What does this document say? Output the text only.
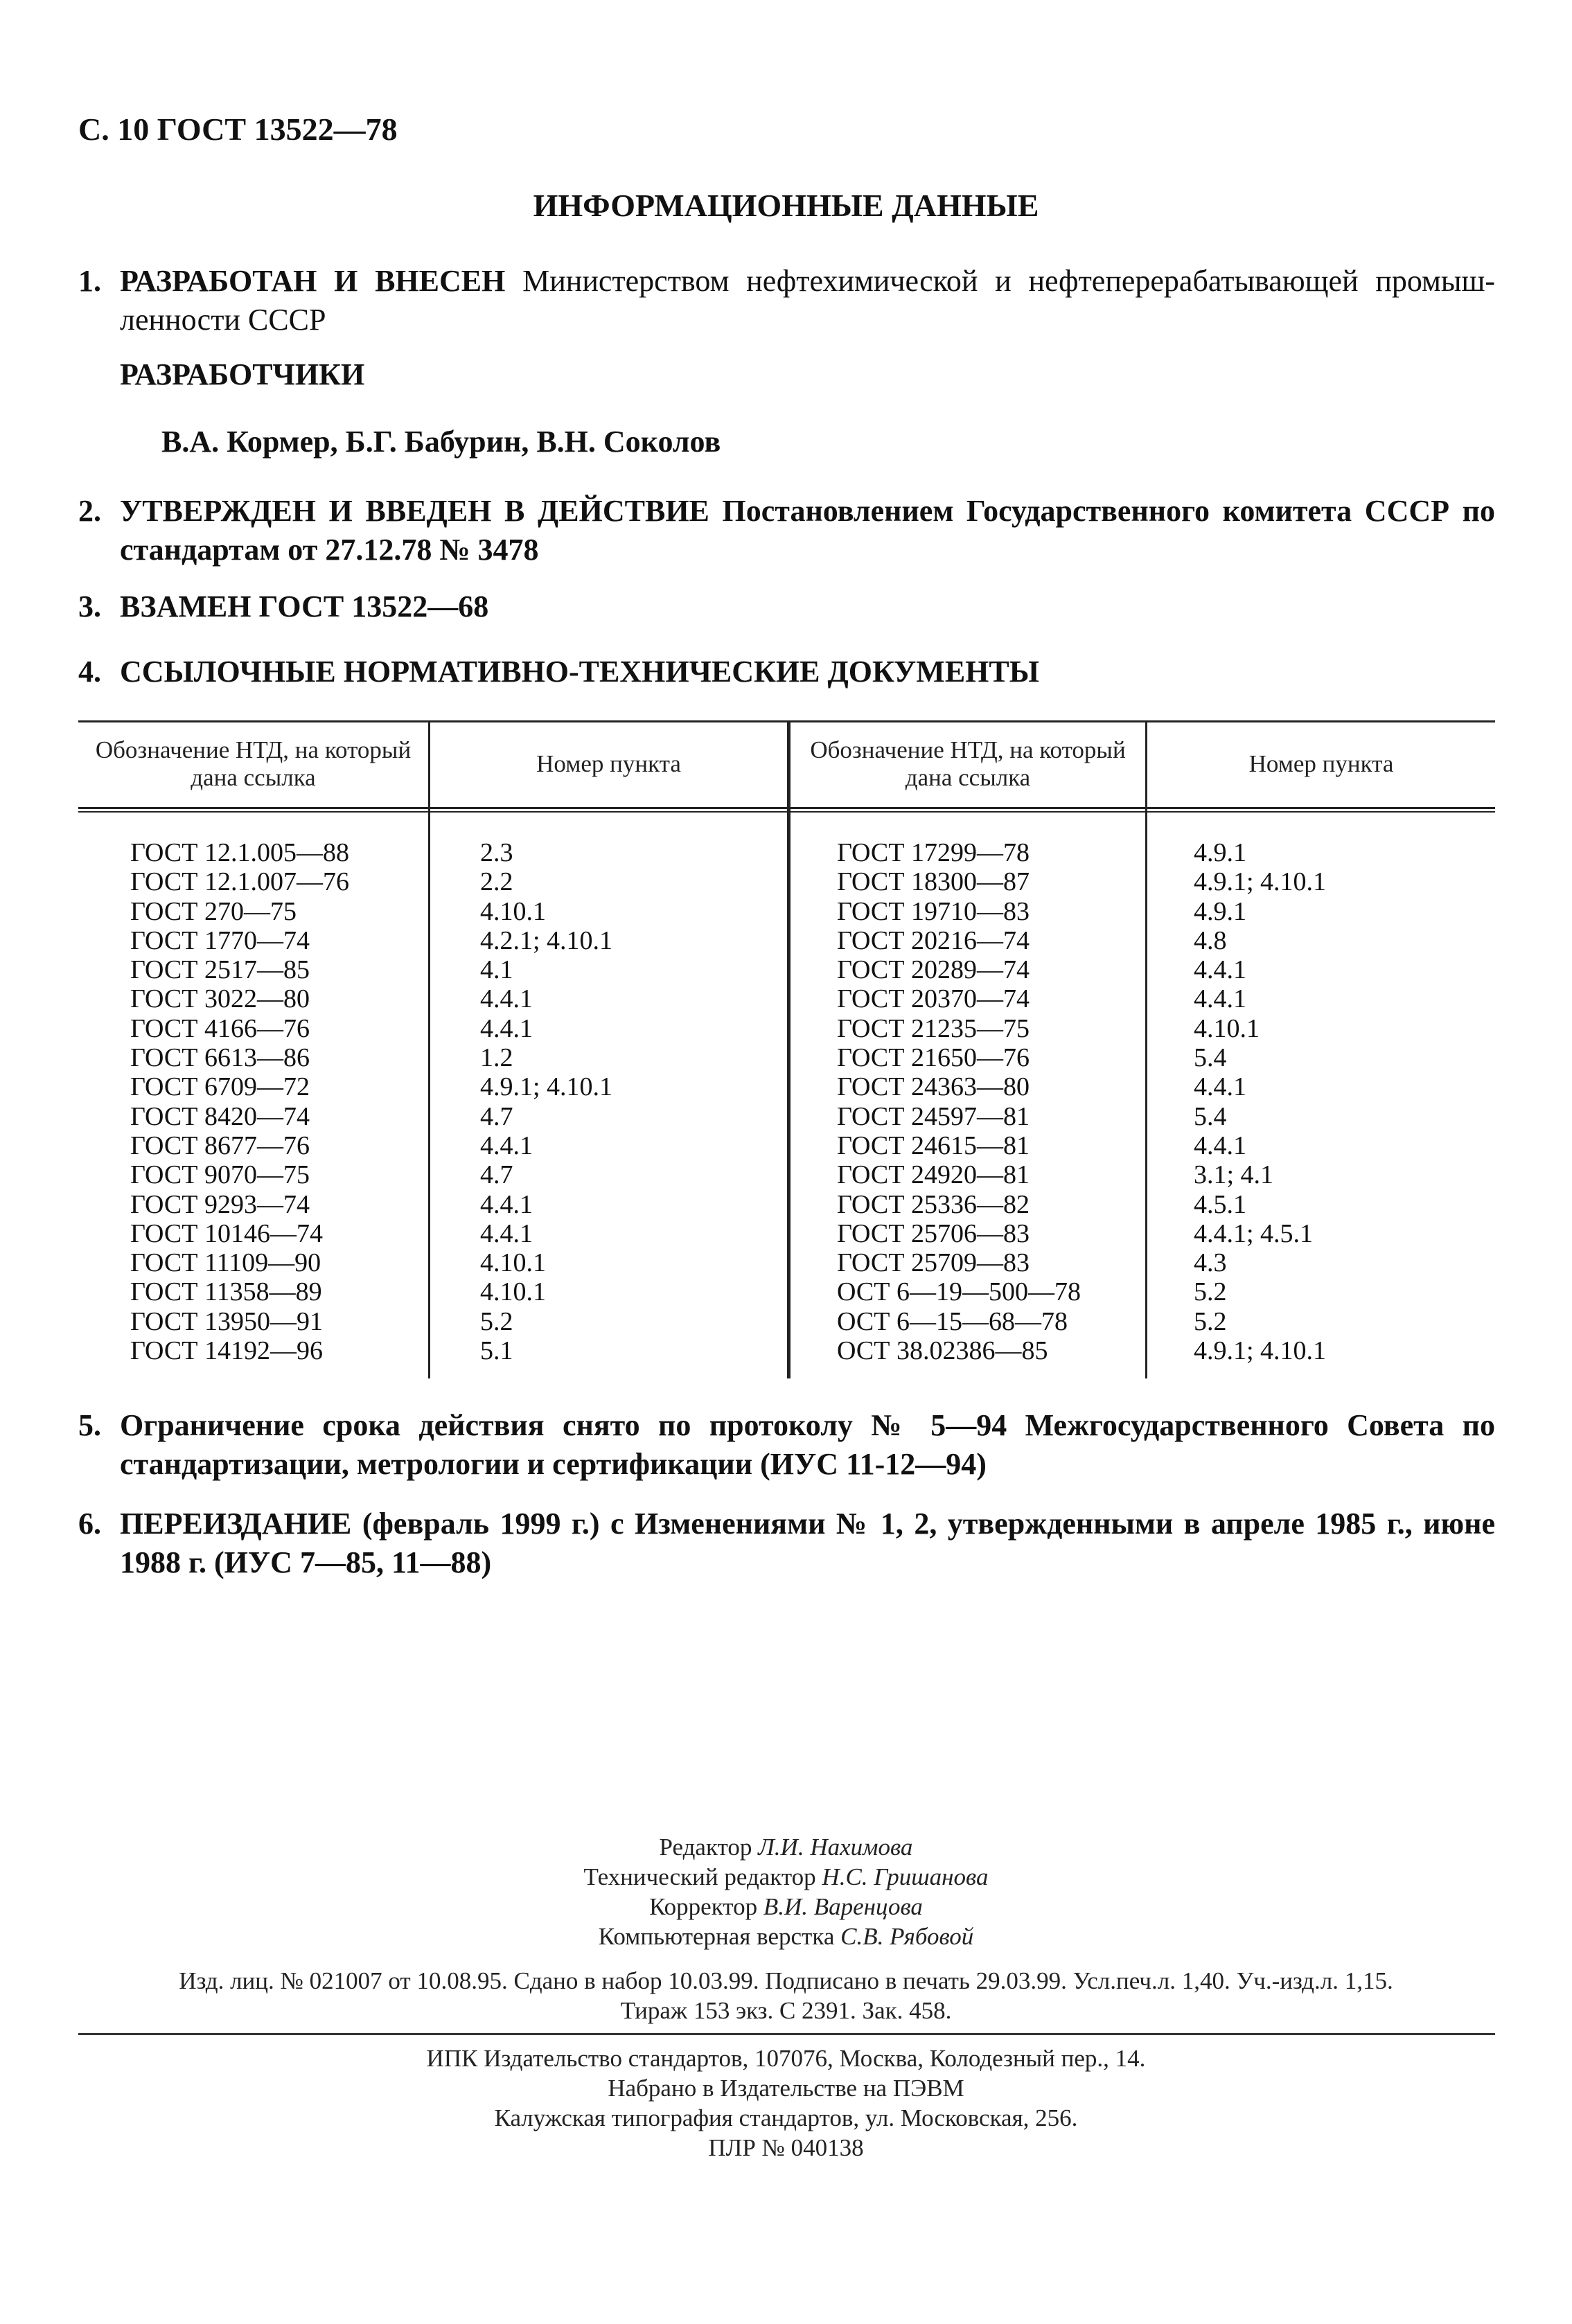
С. 10 ГОСТ 13522—78
ИНФОРМАЦИОННЫЕ ДАННЫЕ
1. РАЗРАБОТАН И ВНЕСЕН Министерством нефтехимической и нефтеперерабатывающей промышленности СССР
РАЗРАБОТЧИКИ
В.А. Кормер, Б.Г. Бабурин, В.Н. Соколов
2. УТВЕРЖДЕН И ВВЕДЕН В ДЕЙСТВИЕ Постановлением Государственного комитета СССР по стандартам от 27.12.78 № 3478
3. ВЗАМЕН ГОСТ 13522—68
4. ССЫЛОЧНЫЕ НОРМАТИВНО-ТЕХНИЧЕСКИЕ ДОКУМЕНТЫ
Обозначение НТД, на который дана ссылка
Номер пункта
Обозначение НТД, на который дана ссылка
Номер пункта
ГОСТ 12.1.005—88
ГОСТ 12.1.007—76
ГОСТ 270—75
ГОСТ 1770—74
ГОСТ 2517—85
ГОСТ 3022—80
ГОСТ 4166—76
ГОСТ 6613—86
ГОСТ 6709—72
ГОСТ 8420—74
ГОСТ 8677—76
ГОСТ 9070—75
ГОСТ 9293—74
ГОСТ 10146—74
ГОСТ 11109—90
ГОСТ 11358—89
ГОСТ 13950—91
ГОСТ 14192—96
2.3
2.2
4.10.1
4.2.1; 4.10.1
4.1
4.4.1
4.4.1
1.2
4.9.1; 4.10.1
4.7
4.4.1
4.7
4.4.1
4.4.1
4.10.1
4.10.1
5.2
5.1
ГОСТ 17299—78
ГОСТ 18300—87
ГОСТ 19710—83
ГОСТ 20216—74
ГОСТ 20289—74
ГОСТ 20370—74
ГОСТ 21235—75
ГОСТ 21650—76
ГОСТ 24363—80
ГОСТ 24597—81
ГОСТ 24615—81
ГОСТ 24920—81
ГОСТ 25336—82
ГОСТ 25706—83
ГОСТ 25709—83
ОСТ 6—19—500—78
ОСТ 6—15—68—78
ОСТ 38.02386—85
4.9.1
4.9.1; 4.10.1
4.9.1
4.8
4.4.1
4.4.1
4.10.1
5.4
4.4.1
5.4
4.4.1
3.1; 4.1
4.5.1
4.4.1; 4.5.1
4.3
5.2
5.2
4.9.1; 4.10.1
5. Ограничение срока действия снято по протоколу № 5—94 Межгосударственного Совета по стандартизации, метрологии и сертификации (ИУС 11-12—94)
6. ПЕРЕИЗДАНИЕ (февраль 1999 г.) с Изменениями № 1, 2, утвержденными в апреле 1985 г., июне 1988 г. (ИУС 7—85, 11—88)
Редактор Л.И. Нахимова
Технический редактор Н.С. Гришанова
Корректор В.И. Варенцова
Компьютерная верстка С.В. Рябовой
Изд. лиц. № 021007 от 10.08.95. Сдано в набор 10.03.99. Подписано в печать 29.03.99. Усл.печ.л. 1,40. Уч.-изд.л. 1,15.
Тираж 153 экз. С 2391. Зак. 458.
ИПК Издательство стандартов, 107076, Москва, Колодезный пер., 14.
Набрано в Издательстве на ПЭВМ
Калужская типография стандартов, ул. Московская, 256.
ПЛР № 040138
